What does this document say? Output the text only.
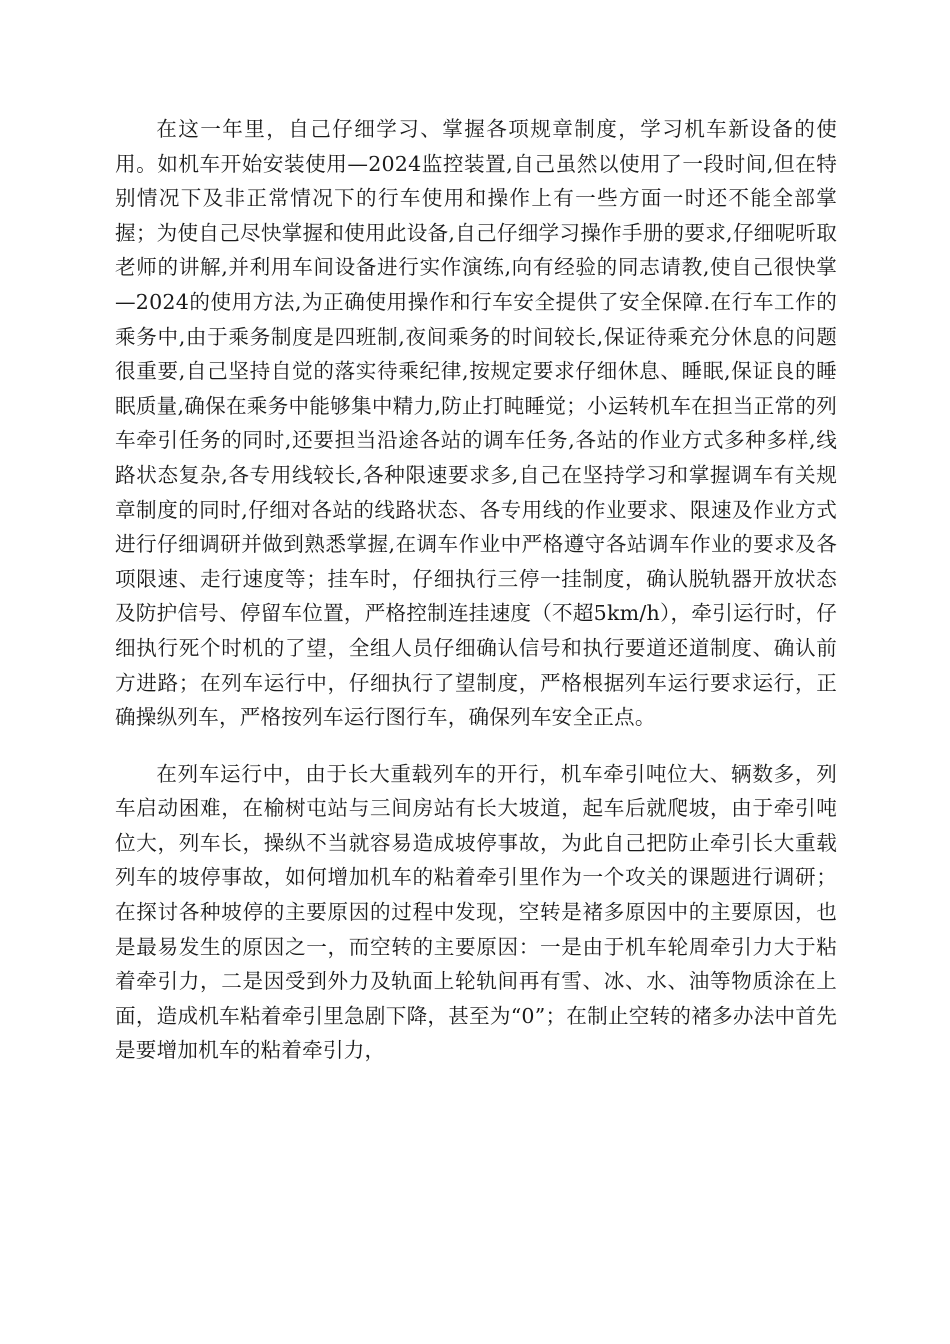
在这一年里，自己仔细学习、掌握各项规章制度，学习机车新设备的使用。如机车开始安装使用—2024监控装置,自己虽然以使用了一段时间,但在特别情况下及非正常情况下的行车使用和操作上有一些方面一时还不能全部掌握；为使自己尽快掌握和使用此设备,自己仔细学习操作手册的要求,仔细呢听取老师的讲解,并利用车间设备进行实作演练,向有经验的同志请教,使自己很快掌—2024的使用方法,为正确使用操作和行车安全提供了安全保障.在行车工作的乘务中,由于乘务制度是四班制,夜间乘务的时间较长,保证待乘充分休息的问题很重要,自己坚持自觉的落实待乘纪律,按规定要求仔细休息、睡眠,保证良的睡眠质量,确保在乘务中能够集中精力,防止打盹睡觉；小运转机车在担当正常的列车牵引任务的同时,还要担当沿途各站的调车任务,各站的作业方式多种多样,线路状态复杂,各专用线较长,各种限速要求多,自己在坚持学习和掌握调车有关规章制度的同时,仔细对各站的线路状态、各专用线的作业要求、限速及作业方式进行仔细调研并做到熟悉掌握,在调车作业中严格遵守各站调车作业的要求及各项限速、走行速度等；挂车时，仔细执行三停一挂制度，确认脱轨器开放状态及防护信号、停留车位置，严格控制连挂速度（不超5km/h），牵引运行时，仔细执行死个时机的了望，全组人员仔细确认信号和执行要道还道制度、确认前方进路；在列车运行中，仔细执行了望制度，严格根据列车运行要求运行，正确操纵列车，严格按列车运行图行车，确保列车安全正点。

在列车运行中，由于长大重载列车的开行，机车牵引吨位大、辆数多，列车启动困难，在榆树屯站与三间房站有长大坡道，起车后就爬坡，由于牵引吨位大，列车长，操纵不当就容易造成坡停事故，为此自己把防止牵引长大重载列车的坡停事故，如何增加机车的粘着牵引里作为一个攻关的课题进行调研；在探讨各种坡停的主要原因的过程中发现，空转是褚多原因中的主要原因，也是最易发生的原因之一，而空转的主要原因：一是由于机车轮周牵引力大于粘着牵引力，二是因受到外力及轨面上轮轨间再有雪、冰、水、油等物质涂在上面，造成机车粘着牵引里急剧下降，甚至为“0”；在制止空转的褚多办法中首先是要增加机车的粘着牵引力，
